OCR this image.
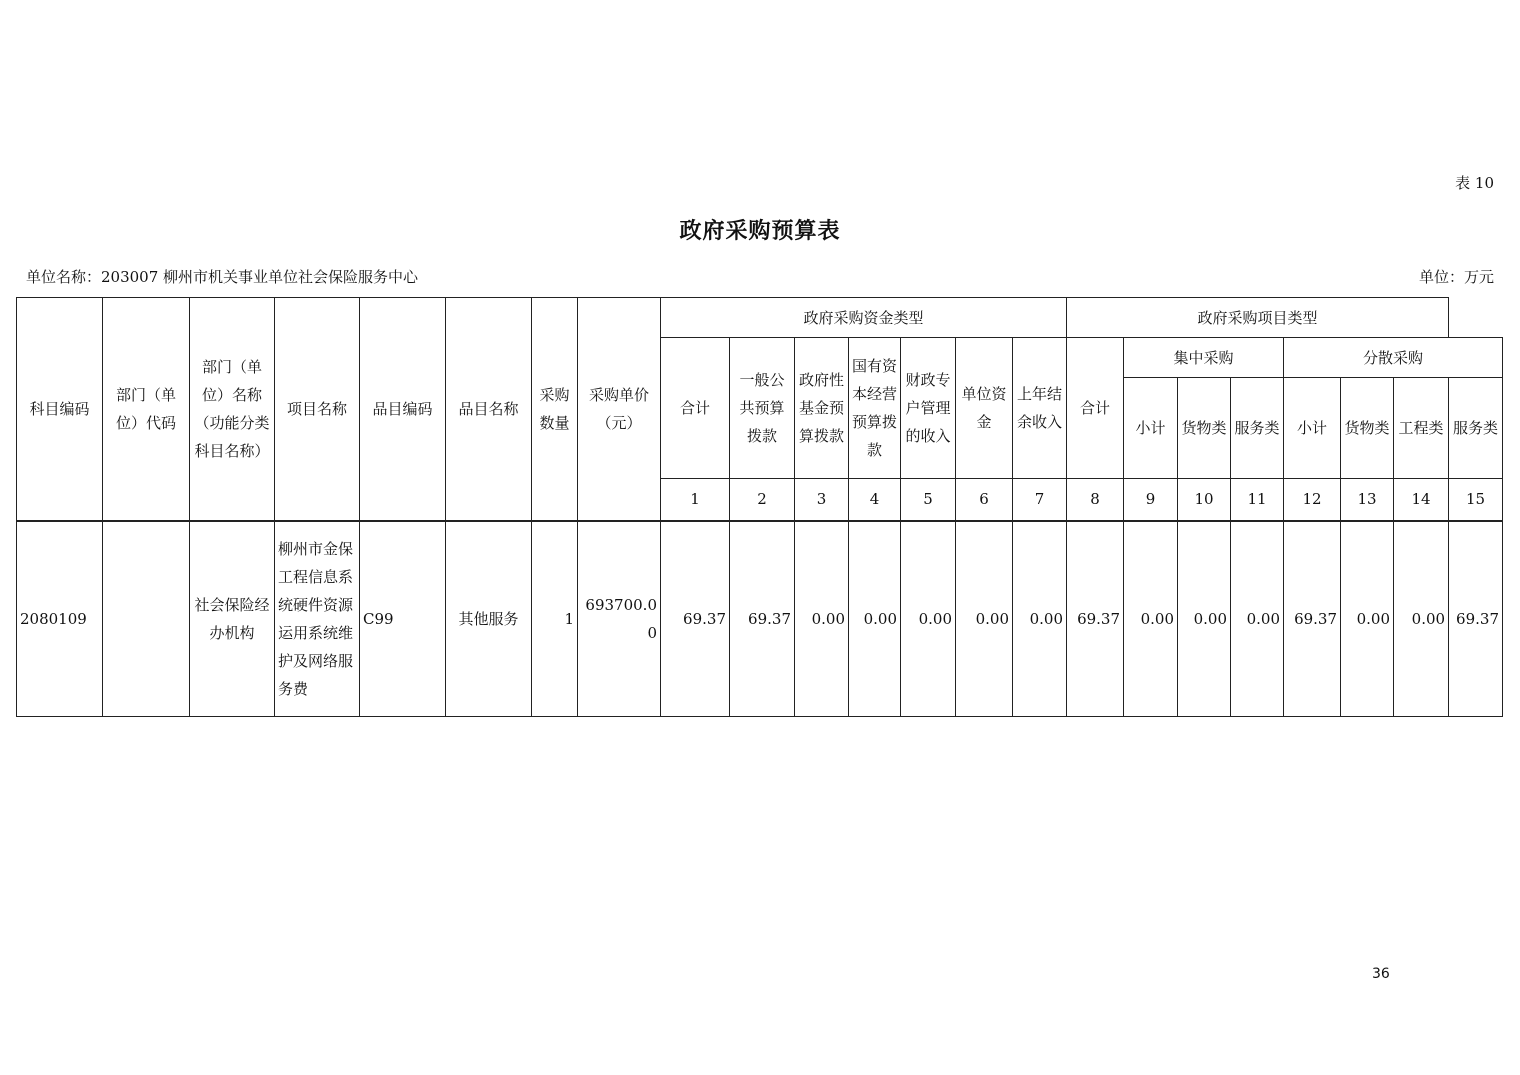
表 10
政府采购预算表
单位名称：203007 柳州市机关事业单位社会保险服务中心	单位：万元
科目编码	部门（单位）代码	部门（单位）名称（功能分类科目名称）	项目名称	品目编码	品目名称	采购数量	采购单价（元）	政府采购资金类型							政府采购项目类型							
								合计	一般公共预算拨款	政府性基金预算拨款	国有资本经营预算拨款	财政专户管理的收入	单位资金	上年结余收入	合计	集中采购			分散采购			
																小计	货物类	服务类	小计	货物类	工程类	服务类
								1	2	3	4	5	6	7	8	9	10	11	12	13	14	15
2080109		社会保险经办机构	柳州市金保工程信息系统硬件资源运用系统维护及网络服务费	C99	其他服务	1	693700.00	69.37	69.37	0.00	0.00	0.00	0.00	0.00	69.37	0.00	0.00	0.00	69.37	0.00	0.00	69.37
36
